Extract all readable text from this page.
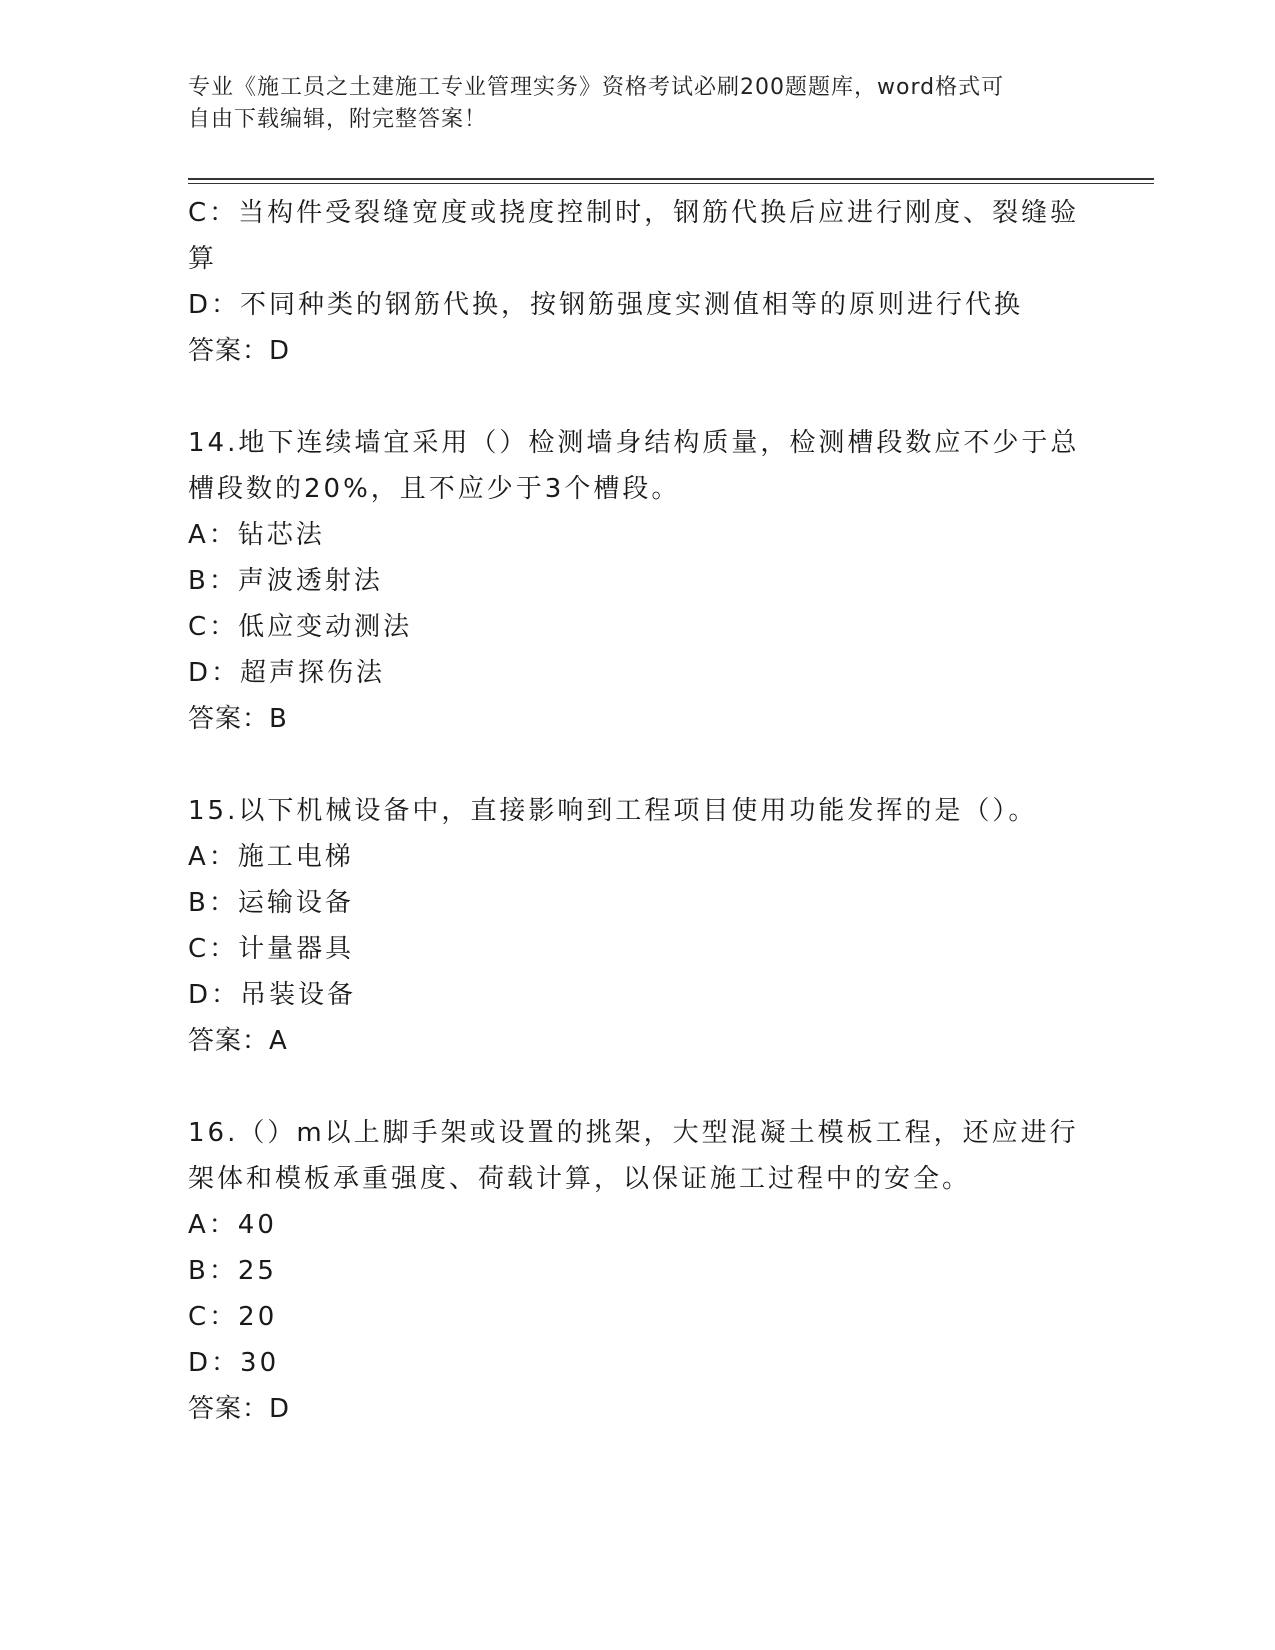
专业《施工员之土建施工专业管理实务》资格考试必刷200题题库，word格式可
自由下载编辑，附完整答案！
C：当构件受裂缝宽度或挠度控制时，钢筋代换后应进行刚度、裂缝验
算
D：不同种类的钢筋代换，按钢筋强度实测值相等的原则进行代换
答案：D
14.地下连续墙宜采用（）检测墙身结构质量，检测槽段数应不少于总
槽段数的20%，且不应少于3个槽段。
A：钻芯法
B：声波透射法
C：低应变动测法
D：超声探伤法
答案：B
15.以下机械设备中，直接影响到工程项目使用功能发挥的是（）。
A：施工电梯
B：运输设备
C：计量器具
D：吊装设备
答案：A
16.（）m以上脚手架或设置的挑架，大型混凝土模板工程，还应进行
架体和模板承重强度、荷载计算，以保证施工过程中的安全。
A：40
B：25
C：20
D：30
答案：D
